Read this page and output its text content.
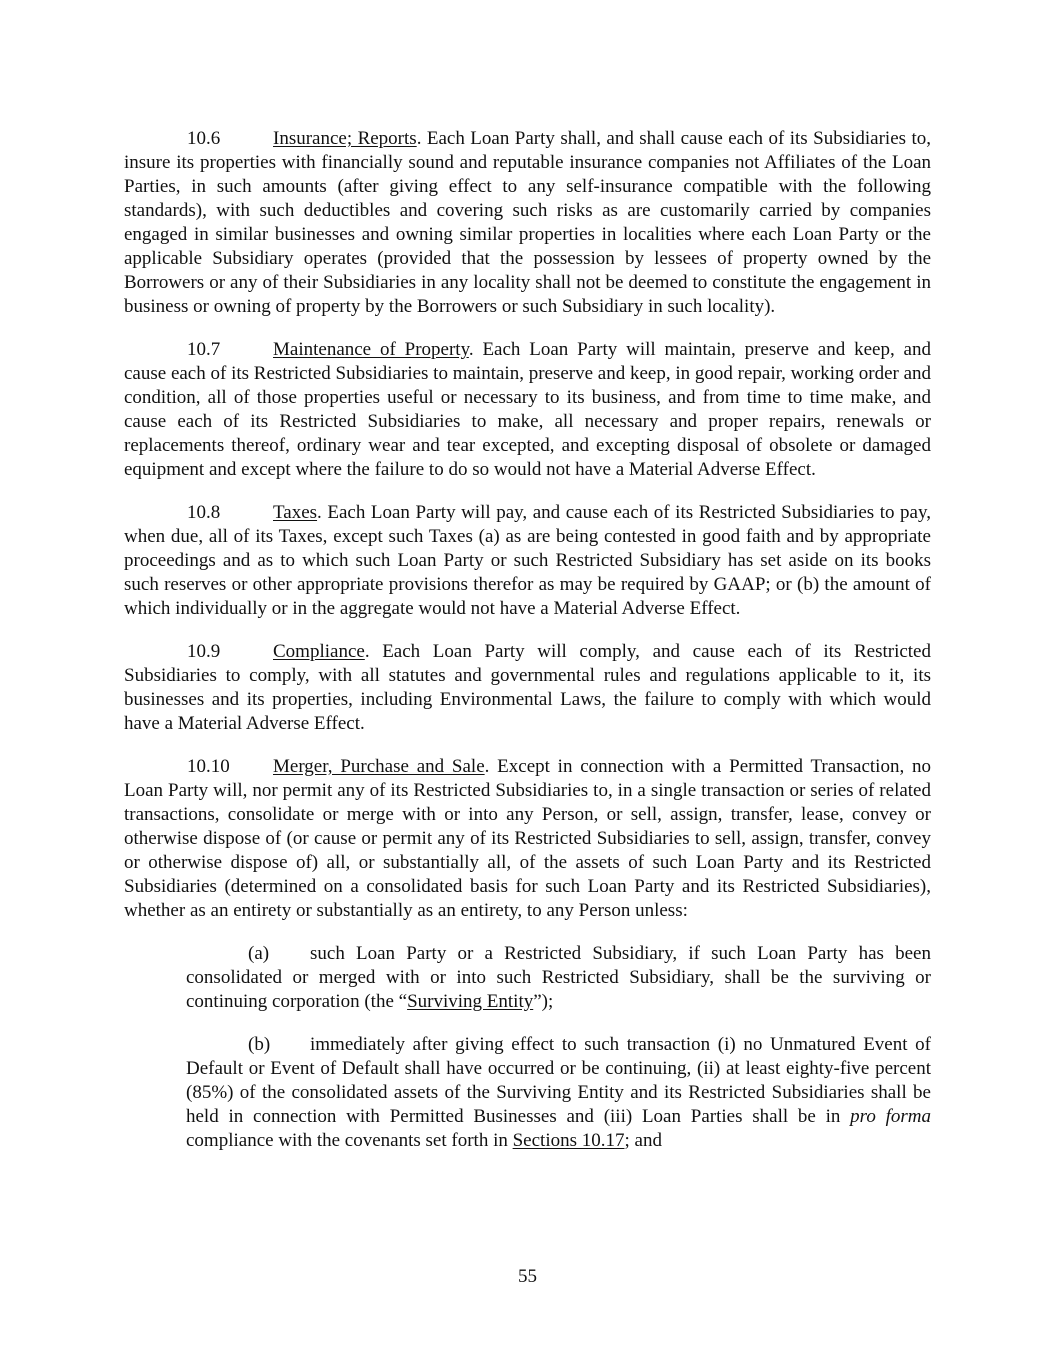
10.6	Insurance; Reports. Each Loan Party shall, and shall cause each of its Subsidiaries to, insure its properties with financially sound and reputable insurance companies not Affiliates of the Loan Parties, in such amounts (after giving effect to any self-insurance compatible with the following standards), with such deductibles and covering such risks as are customarily carried by companies engaged in similar businesses and owning similar properties in localities where each Loan Party or the applicable Subsidiary operates (provided that the possession by lessees of property owned by the Borrowers or any of their Subsidiaries in any locality shall not be deemed to constitute the engagement in business or owning of property by the Borrowers or such Subsidiary in such locality).

10.7	Maintenance of Property. Each Loan Party will maintain, preserve and keep, and cause each of its Restricted Subsidiaries to maintain, preserve and keep, in good repair, working order and condition, all of those properties useful or necessary to its business, and from time to time make, and cause each of its Restricted Subsidiaries to make, all necessary and proper repairs, renewals or replacements thereof, ordinary wear and tear excepted, and excepting disposal of obsolete or damaged equipment and except where the failure to do so would not have a Material Adverse Effect.

10.8	Taxes. Each Loan Party will pay, and cause each of its Restricted Subsidiaries to pay, when due, all of its Taxes, except such Taxes (a) as are being contested in good faith and by appropriate proceedings and as to which such Loan Party or such Restricted Subsidiary has set aside on its books such reserves or other appropriate provisions therefor as may be required by GAAP; or (b) the amount of which individually or in the aggregate would not have a Material Adverse Effect.

10.9	Compliance. Each Loan Party will comply, and cause each of its Restricted Subsidiaries to comply, with all statutes and governmental rules and regulations applicable to it, its businesses and its properties, including Environmental Laws, the failure to comply with which would have a Material Adverse Effect.

10.10 Merger, Purchase and Sale. Except in connection with a Permitted Transaction, no Loan Party will, nor permit any of its Restricted Subsidiaries to, in a single transaction or series of related transactions, consolidate or merge with or into any Person, or sell, assign, transfer, lease, convey or otherwise dispose of (or cause or permit any of its Restricted Subsidiaries to sell, assign, transfer, convey or otherwise dispose of) all, or substantially all, of the assets of such Loan Party and its Restricted Subsidiaries (determined on a consolidated basis for such Loan Party and its Restricted Subsidiaries), whether as an entirety or substantially as an entirety, to any Person unless:

(a) such Loan Party or a Restricted Subsidiary, if such Loan Party has been consolidated or merged with or into such Restricted Subsidiary, shall be the surviving or continuing corporation (the “Surviving Entity”);

(b) immediately after giving effect to such transaction (i) no Unmatured Event of Default or Event of Default shall have occurred or be continuing, (ii) at least eighty-five percent (85%) of the consolidated assets of the Surviving Entity and its Restricted Subsidiaries shall be held in connection with Permitted Businesses and (iii) Loan Parties shall be in pro forma compliance with the covenants set forth in Sections 10.17; and

55
